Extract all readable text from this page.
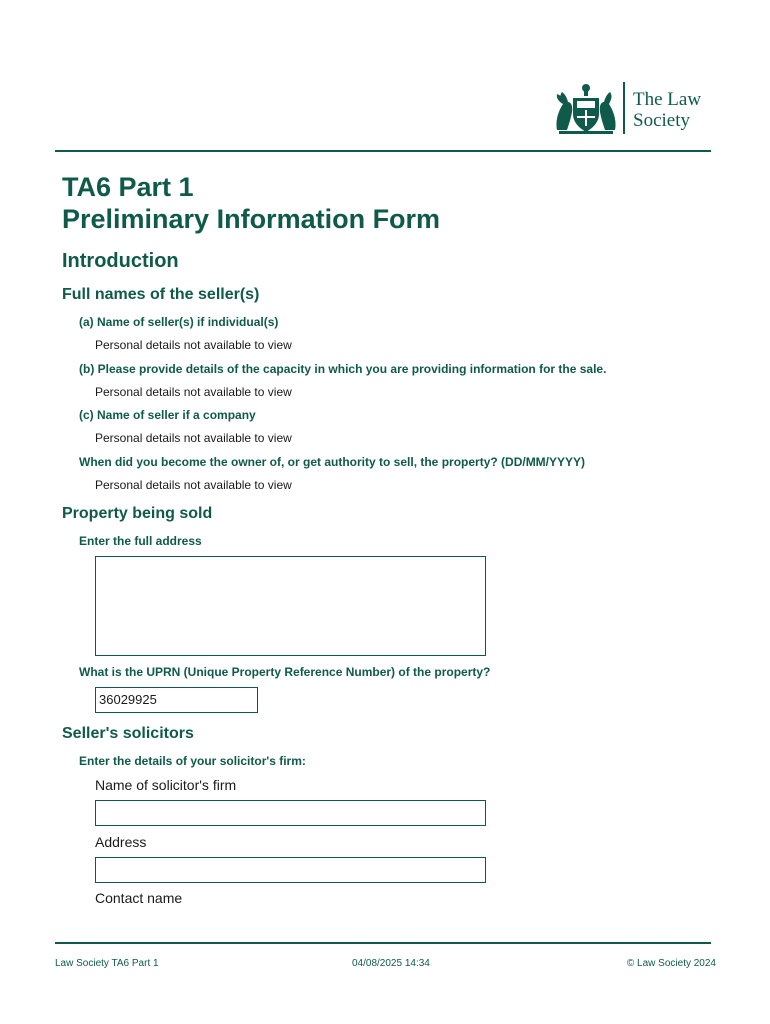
The Law
Society
TA6 Part 1
Preliminary Information Form
Introduction
Full names of the seller(s)
(a) Name of seller(s) if individual(s)
Personal details not available to view
(b) Please provide details of the capacity in which you are providing information for the sale.
Personal details not available to view
(c) Name of seller if a company
Personal details not available to view
When did you become the owner of, or get authority to sell, the property? (DD/MM/YYYY)
Personal details not available to view
Property being sold
Enter the full address
What is the UPRN (Unique Property Reference Number) of the property?
36029925
Seller's solicitors
Enter the details of your solicitor's firm:
Name of solicitor's firm
Address
Contact name
Law Society TA6 Part 1	04/08/2025 14:34	© Law Society 2024
